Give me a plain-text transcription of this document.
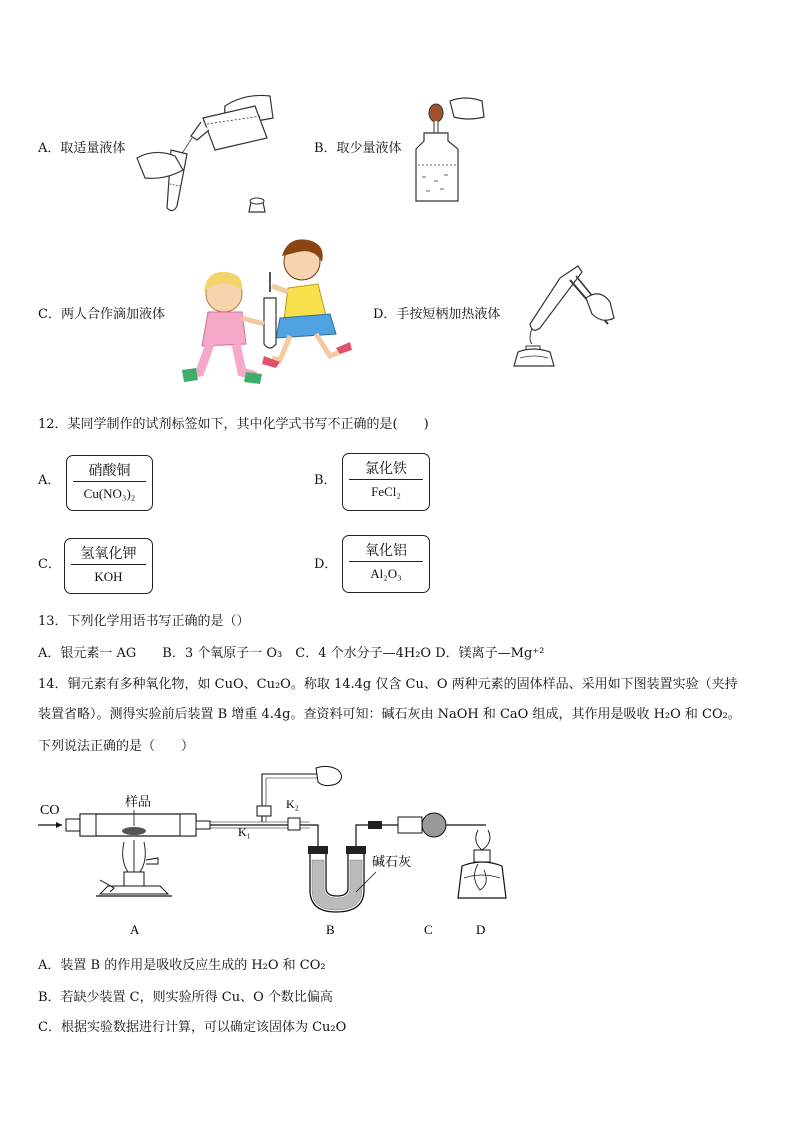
A．取适量液体	B．取少量液体
C．两人合作滴加液体	D．手按短柄加热液体
12．某同学制作的试剂标签如下，其中化学式书写不正确的是(　　)
A．
硝酸铜
Cu(NO₃)₂
B．
氯化铁
FeCl₂
C．
氢氧化钾
KOH
D．
氧化铝
Al₂O₃
13．下列化学用语书写正确的是（）
A．银元素一 AG　　B．3 个氧原子一 O₃　C．4 个水分子—4H₂O D．镁离子—Mg⁺²
14．铜元素有多种氧化物，如 CuO、Cu₂O。称取 14.4g 仅含 Cu、O 两种元素的固体样品、采用如下图装置实验（夹持
装置省略）。测得实验前后装置 B 增重 4.4g。查资料可知：碱石灰由 NaOH 和 CaO 组成，其作用是吸收 H₂O 和 CO₂。
下列说法正确的是（　　）
CO
样品
A
K₁
K₂
碱石灰
B	C	D
A．装置 B 的作用是吸收反应生成的 H₂O 和 CO₂
B．若缺少装置 C，则实验所得 Cu、O 个数比偏高
C．根据实验数据进行计算，可以确定该固体为 Cu₂O
